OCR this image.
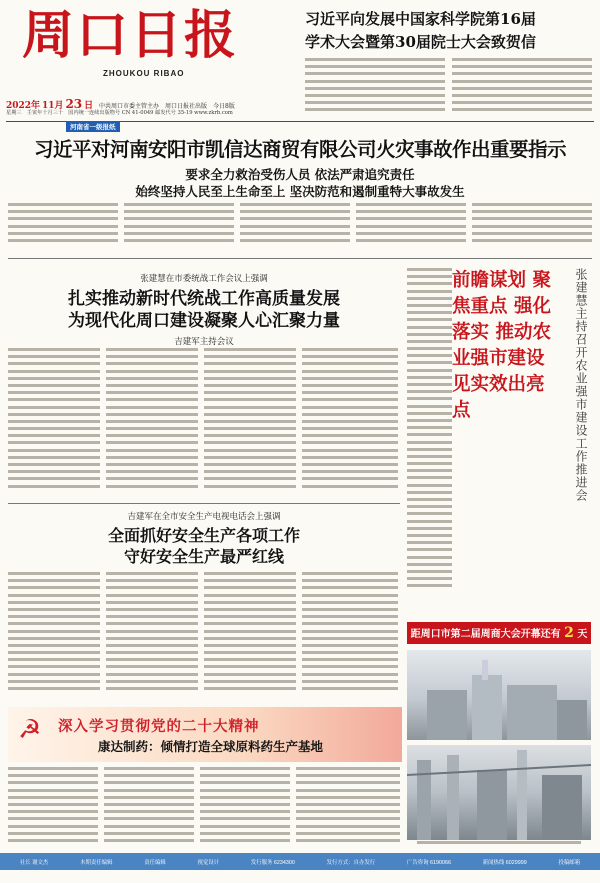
周口日报
ZHOUKOU RIBAO
习近平向发展中国家科学院第16届
学术大会暨第30届院士大会致贺信
2022年 11月 23 日 中共周口市委主管主办　周口日报社出版　今日8版
星期三　壬寅年十月三十　国内统一连续出版物号 CN 41-0049 邮发代号 35-19 www.zkrb.com
河南省一级报纸
习近平对河南安阳市凯信达商贸有限公司火灾事故作出重要指示
要求全力救治受伤人员 依法严肃追究责任
始终坚持人民至上生命至上 坚决防范和遏制重特大事故发生
张建慧在市委统战工作会议上强调
扎实推动新时代统战工作高质量发展
为现代化周口建设凝聚人心汇聚力量
吉建军主持会议
吉建军在全市安全生产电视电话会上强调
全面抓好安全生产各项工作
守好安全生产最严红线
前瞻谋划 聚焦重点 强化落实 推动农业强市建设见实效出亮点	张建慧主持召开农业强市建设工作推进会
距周口市第二届周商大会开幕还有 2 天
☭ 深入学习贯彻党的二十大精神
康达制药：倾情打造全球原料药生产基地
社长 谢文杰	本期责任编辑	责任编辑	视觉设计	发行服务 6234300	发行方式：自办发行	广告咨询 6190066	新闻热线 6029999	投稿邮箱
